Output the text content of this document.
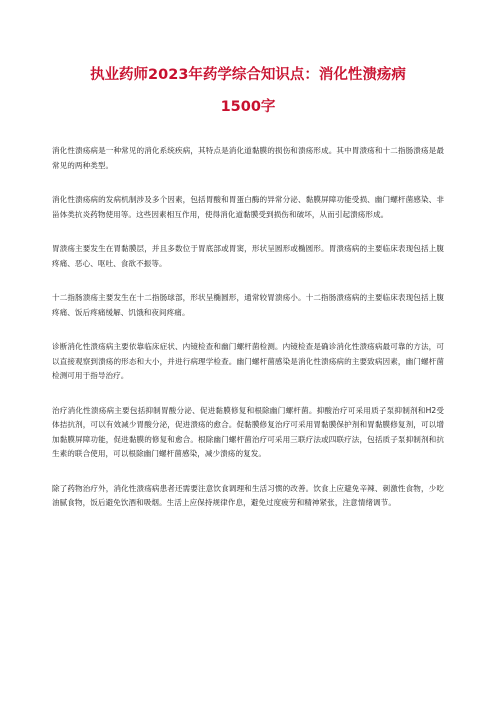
执业药师2023年药学综合知识点：消化性溃疡病
1500字

消化性溃疡病是一种常见的消化系统疾病，其特点是消化道黏膜的损伤和溃疡形成。其中胃溃疡和十二指肠溃疡是最常见的两种类型。

消化性溃疡病的发病机制涉及多个因素，包括胃酸和胃蛋白酶的异常分泌、黏膜屏障功能受损、幽门螺杆菌感染、非甾体类抗炎药物使用等。这些因素相互作用，使得消化道黏膜受到损伤和破坏，从而引起溃疡形成。

胃溃疡主要发生在胃黏膜层，并且多数位于胃底部或胃窦，形状呈圆形或椭圆形。胃溃疡病的主要临床表现包括上腹疼痛、恶心、呕吐、食欲不振等。

十二指肠溃疡主要发生在十二指肠球部，形状呈椭圆形，通常较胃溃疡小。十二指肠溃疡病的主要临床表现包括上腹疼痛、饭后疼痛缓解、饥饿和夜间疼痛。

诊断消化性溃疡病主要依靠临床症状、内镜检查和幽门螺杆菌检测。内镜检查是确诊消化性溃疡病最可靠的方法，可以直接观察到溃疡的形态和大小，并进行病理学检查。幽门螺杆菌感染是消化性溃疡病的主要致病因素，幽门螺杆菌检测可用于指导治疗。

治疗消化性溃疡病主要包括抑制胃酸分泌、促进黏膜修复和根除幽门螺杆菌。抑酸治疗可采用质子泵抑制剂和H2受体拮抗剂，可以有效减少胃酸分泌，促进溃疡的愈合。促黏膜修复治疗可采用胃黏膜保护剂和胃黏膜修复剂，可以增加黏膜屏障功能，促进黏膜的修复和愈合。根除幽门螺杆菌治疗可采用三联疗法或四联疗法，包括质子泵抑制剂和抗生素的联合使用，可以根除幽门螺杆菌感染，减少溃疡的复发。

除了药物治疗外，消化性溃疡病患者还需要注意饮食调理和生活习惯的改善。饮食上应避免辛辣、刺激性食物，少吃油腻食物，饭后避免饮酒和吸烟。生活上应保持规律作息，避免过度疲劳和精神紧张，注意情绪调节。
